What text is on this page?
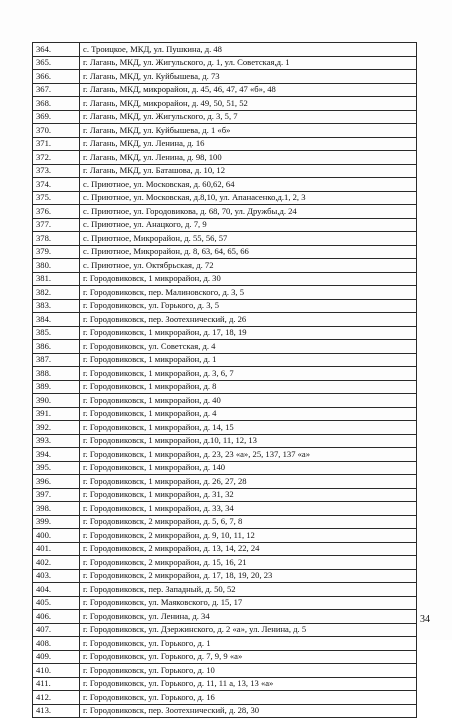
364.	с. Троицкое, МКД, ул. Пушкина, д. 48
365.	г. Лагань, МКД, ул. Жигульского, д. 1, ул. Советская,д. 1
366.	г. Лагань, МКД, ул. Куйбышева, д. 73
367.	г. Лагань, МКД, микрорайон, д. 45, 46, 47, 47 «б», 48
368.	г. Лагань, МКД, микрорайон, д. 49, 50, 51, 52
369.	г. Лагань, МКД, ул. Жигульского, д. 3, 5, 7
370.	г. Лагань, МКД, ул. Куйбышева, д. 1 «б»
371.	г. Лагань, МКД, ул. Ленина, д. 16
372.	г. Лагань, МКД, ул. Ленина, д. 98, 100
373.	г. Лагань, МКД, ул. Баташова, д. 10, 12
374.	с. Приютное, ул. Московская, д. 60,62, 64
375.	с. Приютное, ул. Московская, д.8,10, ул. Апанасенко,д.1, 2, 3
376.	с. Приютное, ул. Городовикова, д. 68, 70, ул. Дружбы,д. 24
377.	с. Приютное, ул. Анацкого, д. 7, 9
378.	с. Приютное, Микрорайон, д. 55, 56, 57
379.	с. Приютное, Микрорайон, д. 8, 63, 64, 65, 66
380.	с. Приютное, ул. Октябрьская, д. 72
381.	г. Городовиковск, 1 микрорайон, д. 30
382.	г. Городовиковск, пер. Малиновского, д. 3, 5
383.	г. Городовиковск, ул. Горького, д. 3, 5
384.	г. Городовиковск, пер. Зоотехнический, д. 26
385.	г. Городовиковск, 1 микрорайон, д. 17, 18, 19
386.	г. Городовиковск, ул. Советская, д. 4
387.	г. Городовиковск, 1 микрорайон, д. 1
388.	г. Городовиковск, 1 микрорайон, д. 3, 6, 7
389.	г. Городовиковск, 1 микрорайон, д. 8
390.	г. Городовиковск, 1 микрорайон, д. 40
391.	г. Городовиковск, 1 микрорайон, д. 4
392.	г. Городовиковск, 1 микрорайон, д. 14, 15
393.	г. Городовиковск, 1 микрорайон, д.10, 11, 12, 13
394.	г. Городовиковск, 1 микрорайон, д. 23, 23 «а», 25, 137, 137 «а»
395.	г. Городовиковск, 1 микрорайон, д. 140
396.	г. Городовиковск, 1 микрорайон, д. 26, 27, 28
397.	г. Городовиковск, 1 микрорайон, д. 31, 32
398.	г. Городовиковск, 1 микрорайон, д. 33, 34
399.	г. Городовиковск, 2 микрорайон, д. 5, 6, 7, 8
400.	г. Городовиковск, 2 микрорайон, д. 9, 10, 11, 12
401.	г. Городовиковск, 2 микрорайон, д. 13, 14, 22, 24
402.	г. Городовиковск, 2 микрорайон, д. 15, 16, 21
403.	г. Городовиковск, 2 микрорайон, д. 17, 18, 19, 20, 23
404.	г. Городовиковск, пер. Западный, д. 50, 52
405.	г. Городовиковск, ул. Маяковского, д. 15, 17
406.	г. Городовиковск, ул. Ленина, д. 34
407.	г. Городовиковск, ул. Дзержинского, д. 2 «а», ул. Ленина, д. 5
408.	г. Городовиковск, ул. Горького, д. 1
409.	г. Городовиковск, ул. Горького, д. 7, 9, 9 «а»
410.	г. Городовиковск, ул. Горького, д. 10
411.	г. Городовиковск, ул. Горького, д. 11, 11 а, 13, 13 «а»
412.	г. Городовиковск, ул. Горького, д. 16
413.	г. Городовиковск, пер. Зоотехнический, д. 28, 30
34
